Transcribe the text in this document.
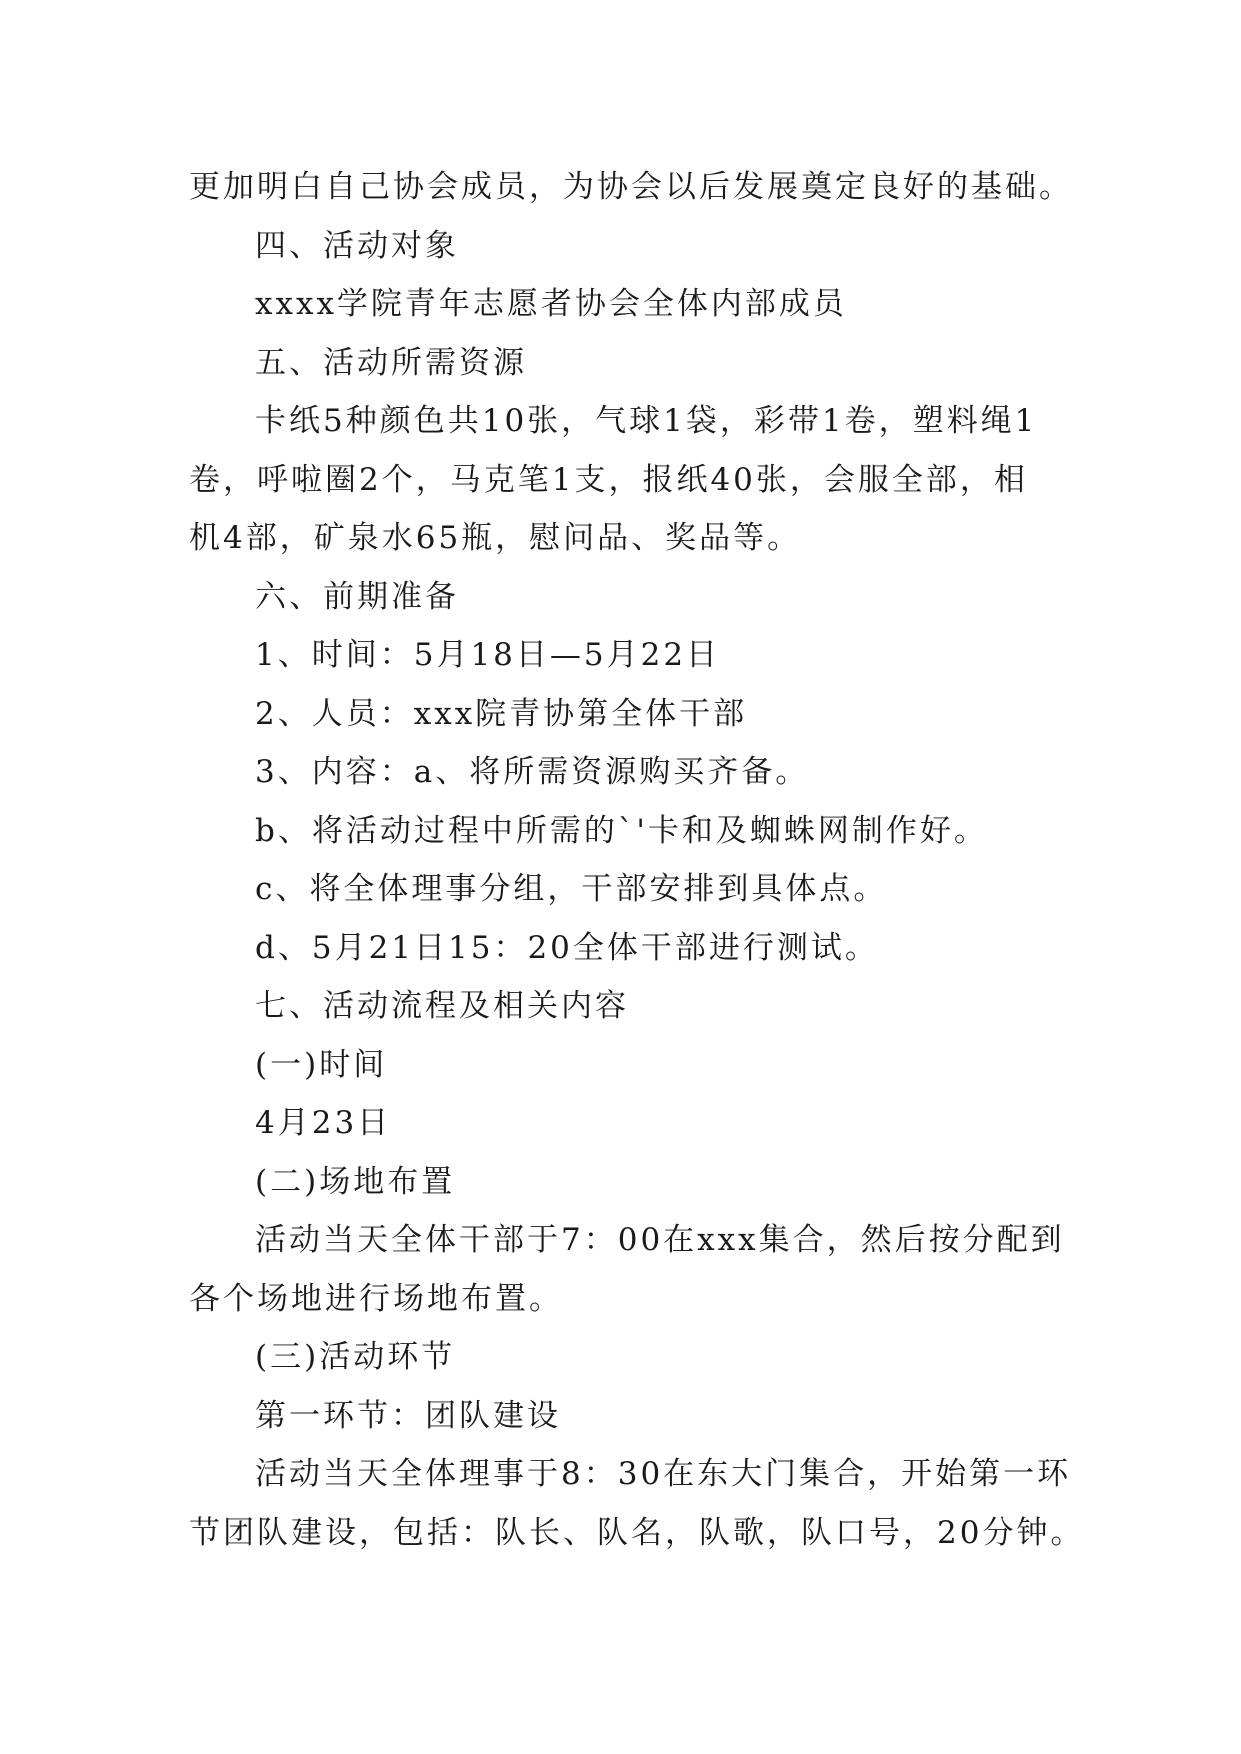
更加明白自己协会成员，为协会以后发展奠定良好的基础。
四、活动对象
xxxx学院青年志愿者协会全体内部成员
五、活动所需资源
卡纸5种颜色共10张，气球1袋，彩带1卷，塑料绳1
卷，呼啦圈2个，马克笔1支，报纸40张，会服全部，相
机4部，矿泉水65瓶，慰问品、奖品等。
六、前期准备
1、时间：5月18日—5月22日
2、人员：xxx院青协第全体干部
3、内容：a、将所需资源购买齐备。
b、将活动过程中所需的`'卡和及蜘蛛网制作好。
c、将全体理事分组，干部安排到具体点。
d、5月21日15：20全体干部进行测试。
七、活动流程及相关内容
(一)时间
4月23日
(二)场地布置
活动当天全体干部于7：00在xxx集合，然后按分配到
各个场地进行场地布置。
(三)活动环节
第一环节：团队建设
活动当天全体理事于8：30在东大门集合，开始第一环
节团队建设，包括：队长、队名，队歌，队口号，20分钟。
